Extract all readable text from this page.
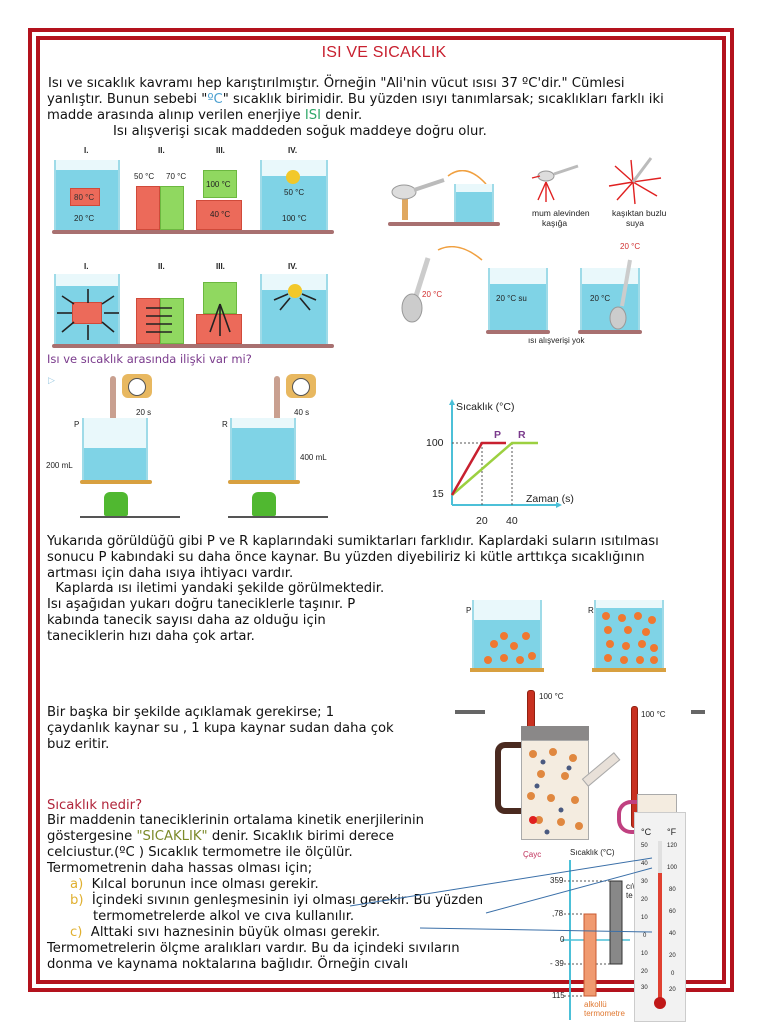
ISI VE SICAKLIK
Isı ve sıcaklık kavramı hep karıştırılmıştır. Örneğin "Ali'nin vücut ısısı 37 ºC'dir." Cümlesi
yanlıştır. Bunun sebebi "ºC" sıcaklık birimidir. Bu yüzden ısıyı tanımlarsak; sıcaklıkları farklı iki
madde arasında alınıp verilen enerjiye ISI denir.
Isı alışverişi sıcak maddeden soğuk maddeye doğru olur.
I.	II.	III.	IV.
80 °C
20 °C
50 °C 70 °C
100 °C
40 °C
50 °C
100 °C
I.	II.	III.	IV.
mum alevinden
kaşığa
kaşıktan buzlu
suya
20 °C
20 °C	20 °C su	20 °C
ısı alışverişi yok
Isı ve sıcaklık arasında ilişki var mi?
▷
20 s
P
200 mL
40 s
R
400 mL
Sıcaklık (°C)
100
15	Zaman (s)
20 40
P R
Yukarıda görüldüğü gibi P ve R kaplarındaki sumiktarları farklıdır. Kaplardaki suların ısıtılması
sonucu P kabındaki su daha önce kaynar. Bu yüzden diyebiliriz ki kütle arttıkça sıcaklığının
artması için daha ısıya ihtiyacı vardır.
Kaplarda ısı iletimi yandaki şekilde görülmektedir.
Isı aşağıdan yukarı doğru taneciklerle taşınır. P
kabında tanecik sayısı daha az olduğu için
taneciklerin hızı daha çok artar.
P	R
Bir başka bir şekilde açıklamak gerekirse; 1
çaydanlık kaynar su , 1 kupa kaynar sudan daha çok
buz eritir.
100 °C
Çayc
100 °C
Sıcaklık nedir?
Bir maddenin taneciklerinin ortalama kinetik enerjilerinin
göstergesine "SICAKLIK" denir. Sıcaklık birimi derece
celciustur.(ºC ) Sıcaklık termometre ile ölçülür.
Termometrenin daha hassas olması için;
a) Kılcal borunun ince olması gerekir.
b) İçindeki sıvının genleşmesinin iyi olması gerekir. Bu yüzden
termometrelerde alkol ve cıva kullanılır.
c) Alttaki sıvı haznesinin büyük olması gerekir.
Termometrelerin ölçme aralıkları vardır. Bu da içindeki sıvıların
donma ve kaynama noktalarına bağlıdır. Örneğin cıvalı
Sıcaklık (°C)
359
,78
0
- 39
115
cı\
te
alkollü
termometre
°C °F
50
40
30
20
10
0
10
20
30
120
100
80
60
40
20
0
20
